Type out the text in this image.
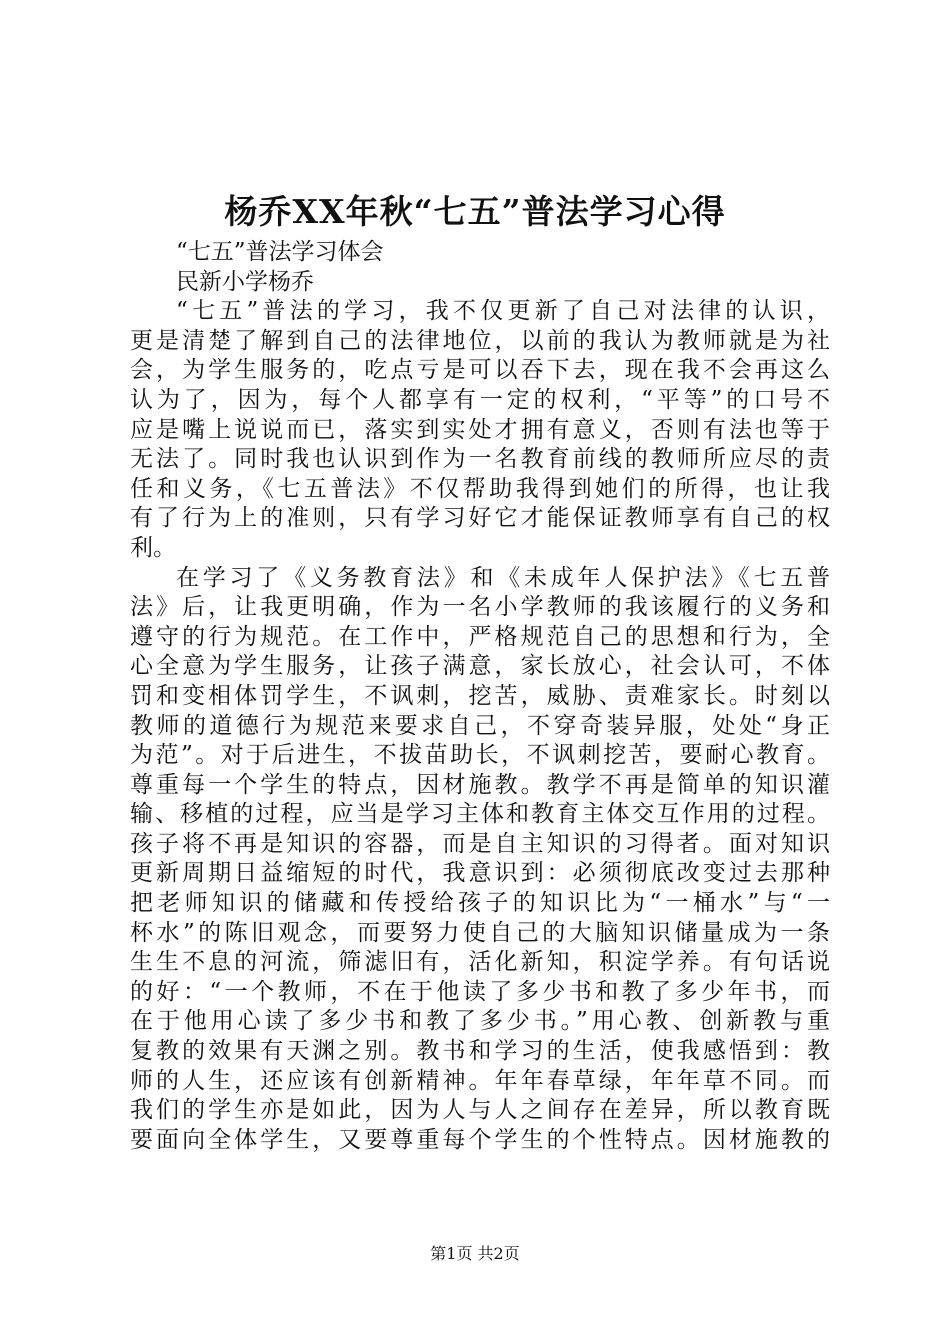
杨乔XX年秋“七五”普法学习心得
“七五”普法学习体会
民新小学杨乔
“七五”普法的学习，我不仅更新了自己对法律的认识，
更是清楚了解到自己的法律地位，以前的我认为教师就是为社
会，为学生服务的，吃点亏是可以吞下去，现在我不会再这么
认为了，因为，每个人都享有一定的权利，“平等”的口号不
应是嘴上说说而已，落实到实处才拥有意义，否则有法也等于
无法了。同时我也认识到作为一名教育前线的教师所应尽的责
任和义务，《七五普法》不仅帮助我得到她们的所得，也让我
有了行为上的准则，只有学习好它才能保证教师享有自己的权
利。
在学习了《义务教育法》和《未成年人保护法》《七五普
法》后，让我更明确，作为一名小学教师的我该履行的义务和
遵守的行为规范。在工作中，严格规范自己的思想和行为，全
心全意为学生服务，让孩子满意，家长放心，社会认可，不体
罚和变相体罚学生，不讽刺，挖苦，威胁、责难家长。时刻以
教师的道德行为规范来要求自己，不穿奇装异服，处处“身正
为范”。对于后进生，不拔苗助长，不讽刺挖苦，要耐心教育。
尊重每一个学生的特点，因材施教。教学不再是简单的知识灌
输、移植的过程，应当是学习主体和教育主体交互作用的过程。
孩子将不再是知识的容器，而是自主知识的习得者。面对知识
更新周期日益缩短的时代，我意识到：必须彻底改变过去那种
把老师知识的储藏和传授给孩子的知识比为“一桶水”与“一
杯水”的陈旧观念，而要努力使自己的大脑知识储量成为一条
生生不息的河流，筛滤旧有，活化新知，积淀学养。有句话说
的好：“一个教师，不在于他读了多少书和教了多少年书，而
在于他用心读了多少书和教了多少书。”用心教、创新教与重
复教的效果有天渊之别。教书和学习的生活，使我感悟到：教
师的人生，还应该有创新精神。年年春草绿，年年草不同。而
我们的学生亦是如此，因为人与人之间存在差异，所以教育既
要面向全体学生，又要尊重每个学生的个性特点。因材施教的
第1页 共2页
